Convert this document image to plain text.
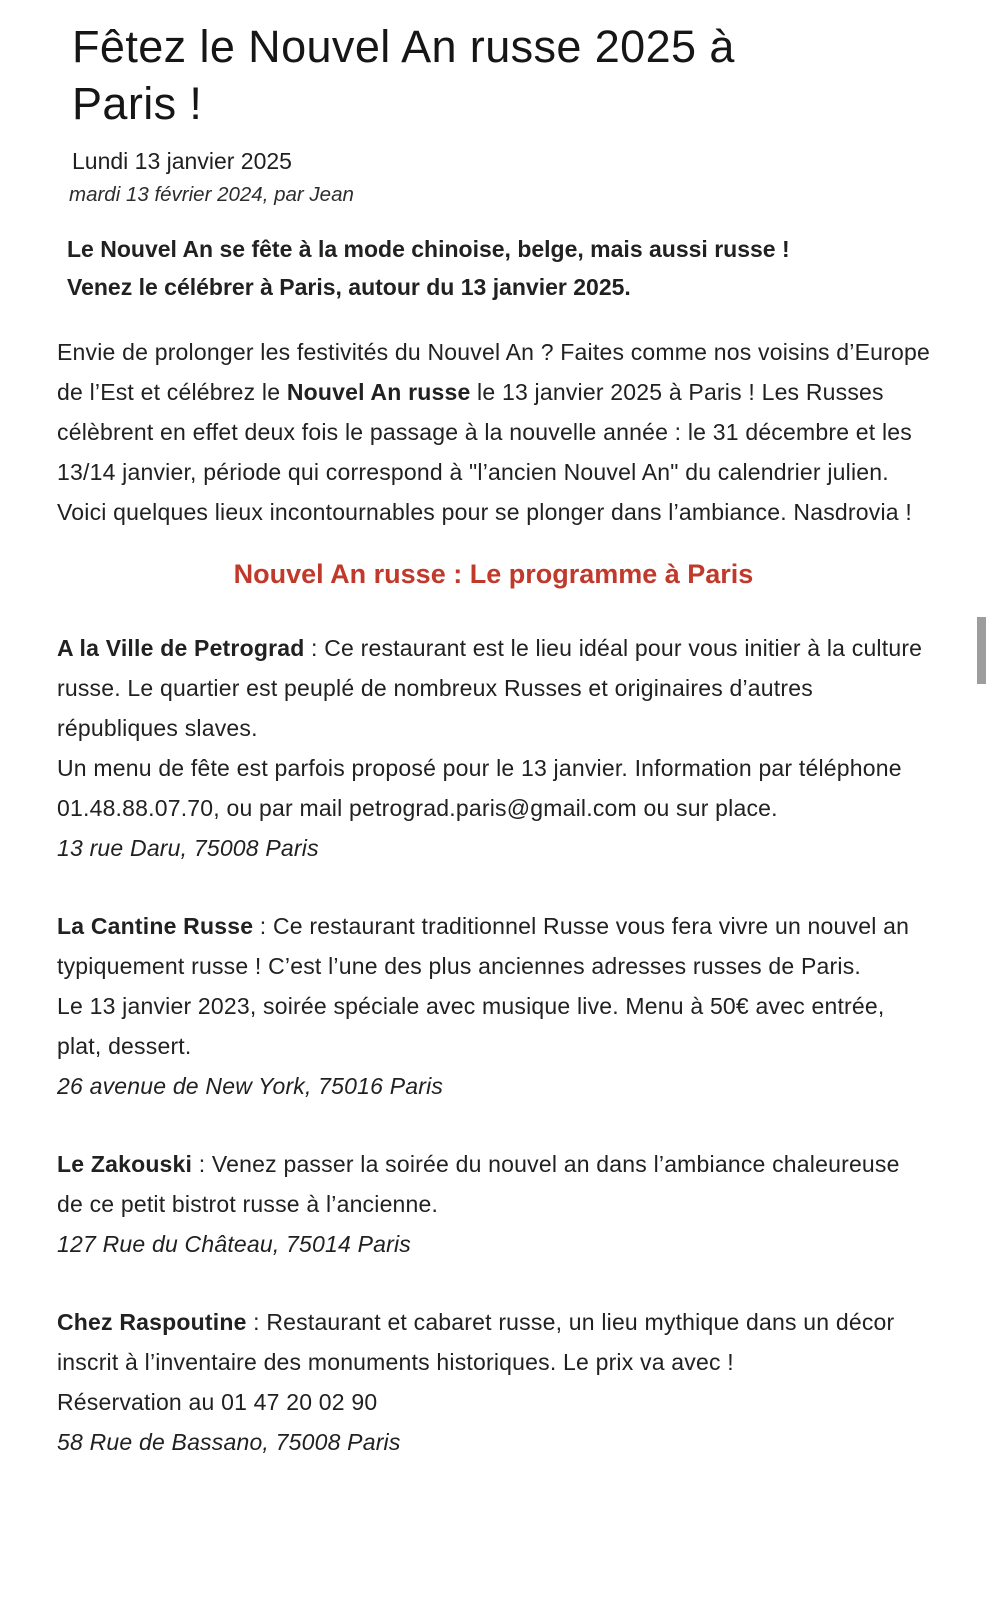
Fêtez le Nouvel An russe 2025 à
Paris !
Lundi 13 janvier 2025
mardi 13 février 2024, par Jean

Le Nouvel An se fête à la mode chinoise, belge, mais aussi russe !
Venez le célébrer à Paris, autour du 13 janvier 2025.

Envie de prolonger les festivités du Nouvel An ? Faites comme nos voisins d’Europe de l’Est et célébrez le Nouvel An russe le 13 janvier 2025 à Paris ! Les Russes célèbrent en effet deux fois le passage à la nouvelle année : le 31 décembre et les 13/14 janvier, période qui correspond à "l’ancien Nouvel An" du calendrier julien. Voici quelques lieux incontournables pour se plonger dans l’ambiance. Nasdrovia !

Nouvel An russe : Le programme à Paris

A la Ville de Petrograd : Ce restaurant est le lieu idéal pour vous initier à la culture russe. Le quartier est peuplé de nombreux Russes et originaires d’autres républiques slaves.

Un menu de fête est parfois proposé pour le 13 janvier. Information par téléphone 01.48.88.07.70, ou par mail petrograd.paris@gmail.com ou sur place.

13 rue Daru, 75008 Paris

La Cantine Russe : Ce restaurant traditionnel Russe vous fera vivre un nouvel an typiquement russe ! C’est l’une des plus anciennes adresses russes de Paris.

Le 13 janvier 2023, soirée spéciale avec musique live. Menu à 50€ avec entrée, plat, dessert.

26 avenue de New York, 75016 Paris

Le Zakouski : Venez passer la soirée du nouvel an dans l’ambiance chaleureuse de ce petit bistrot russe à l’ancienne.

127 Rue du Château, 75014 Paris

Chez Raspoutine : Restaurant et cabaret russe, un lieu mythique dans un décor inscrit à l’inventaire des monuments historiques. Le prix va avec !

Réservation au 01 47 20 02 90

58 Rue de Bassano, 75008 Paris
